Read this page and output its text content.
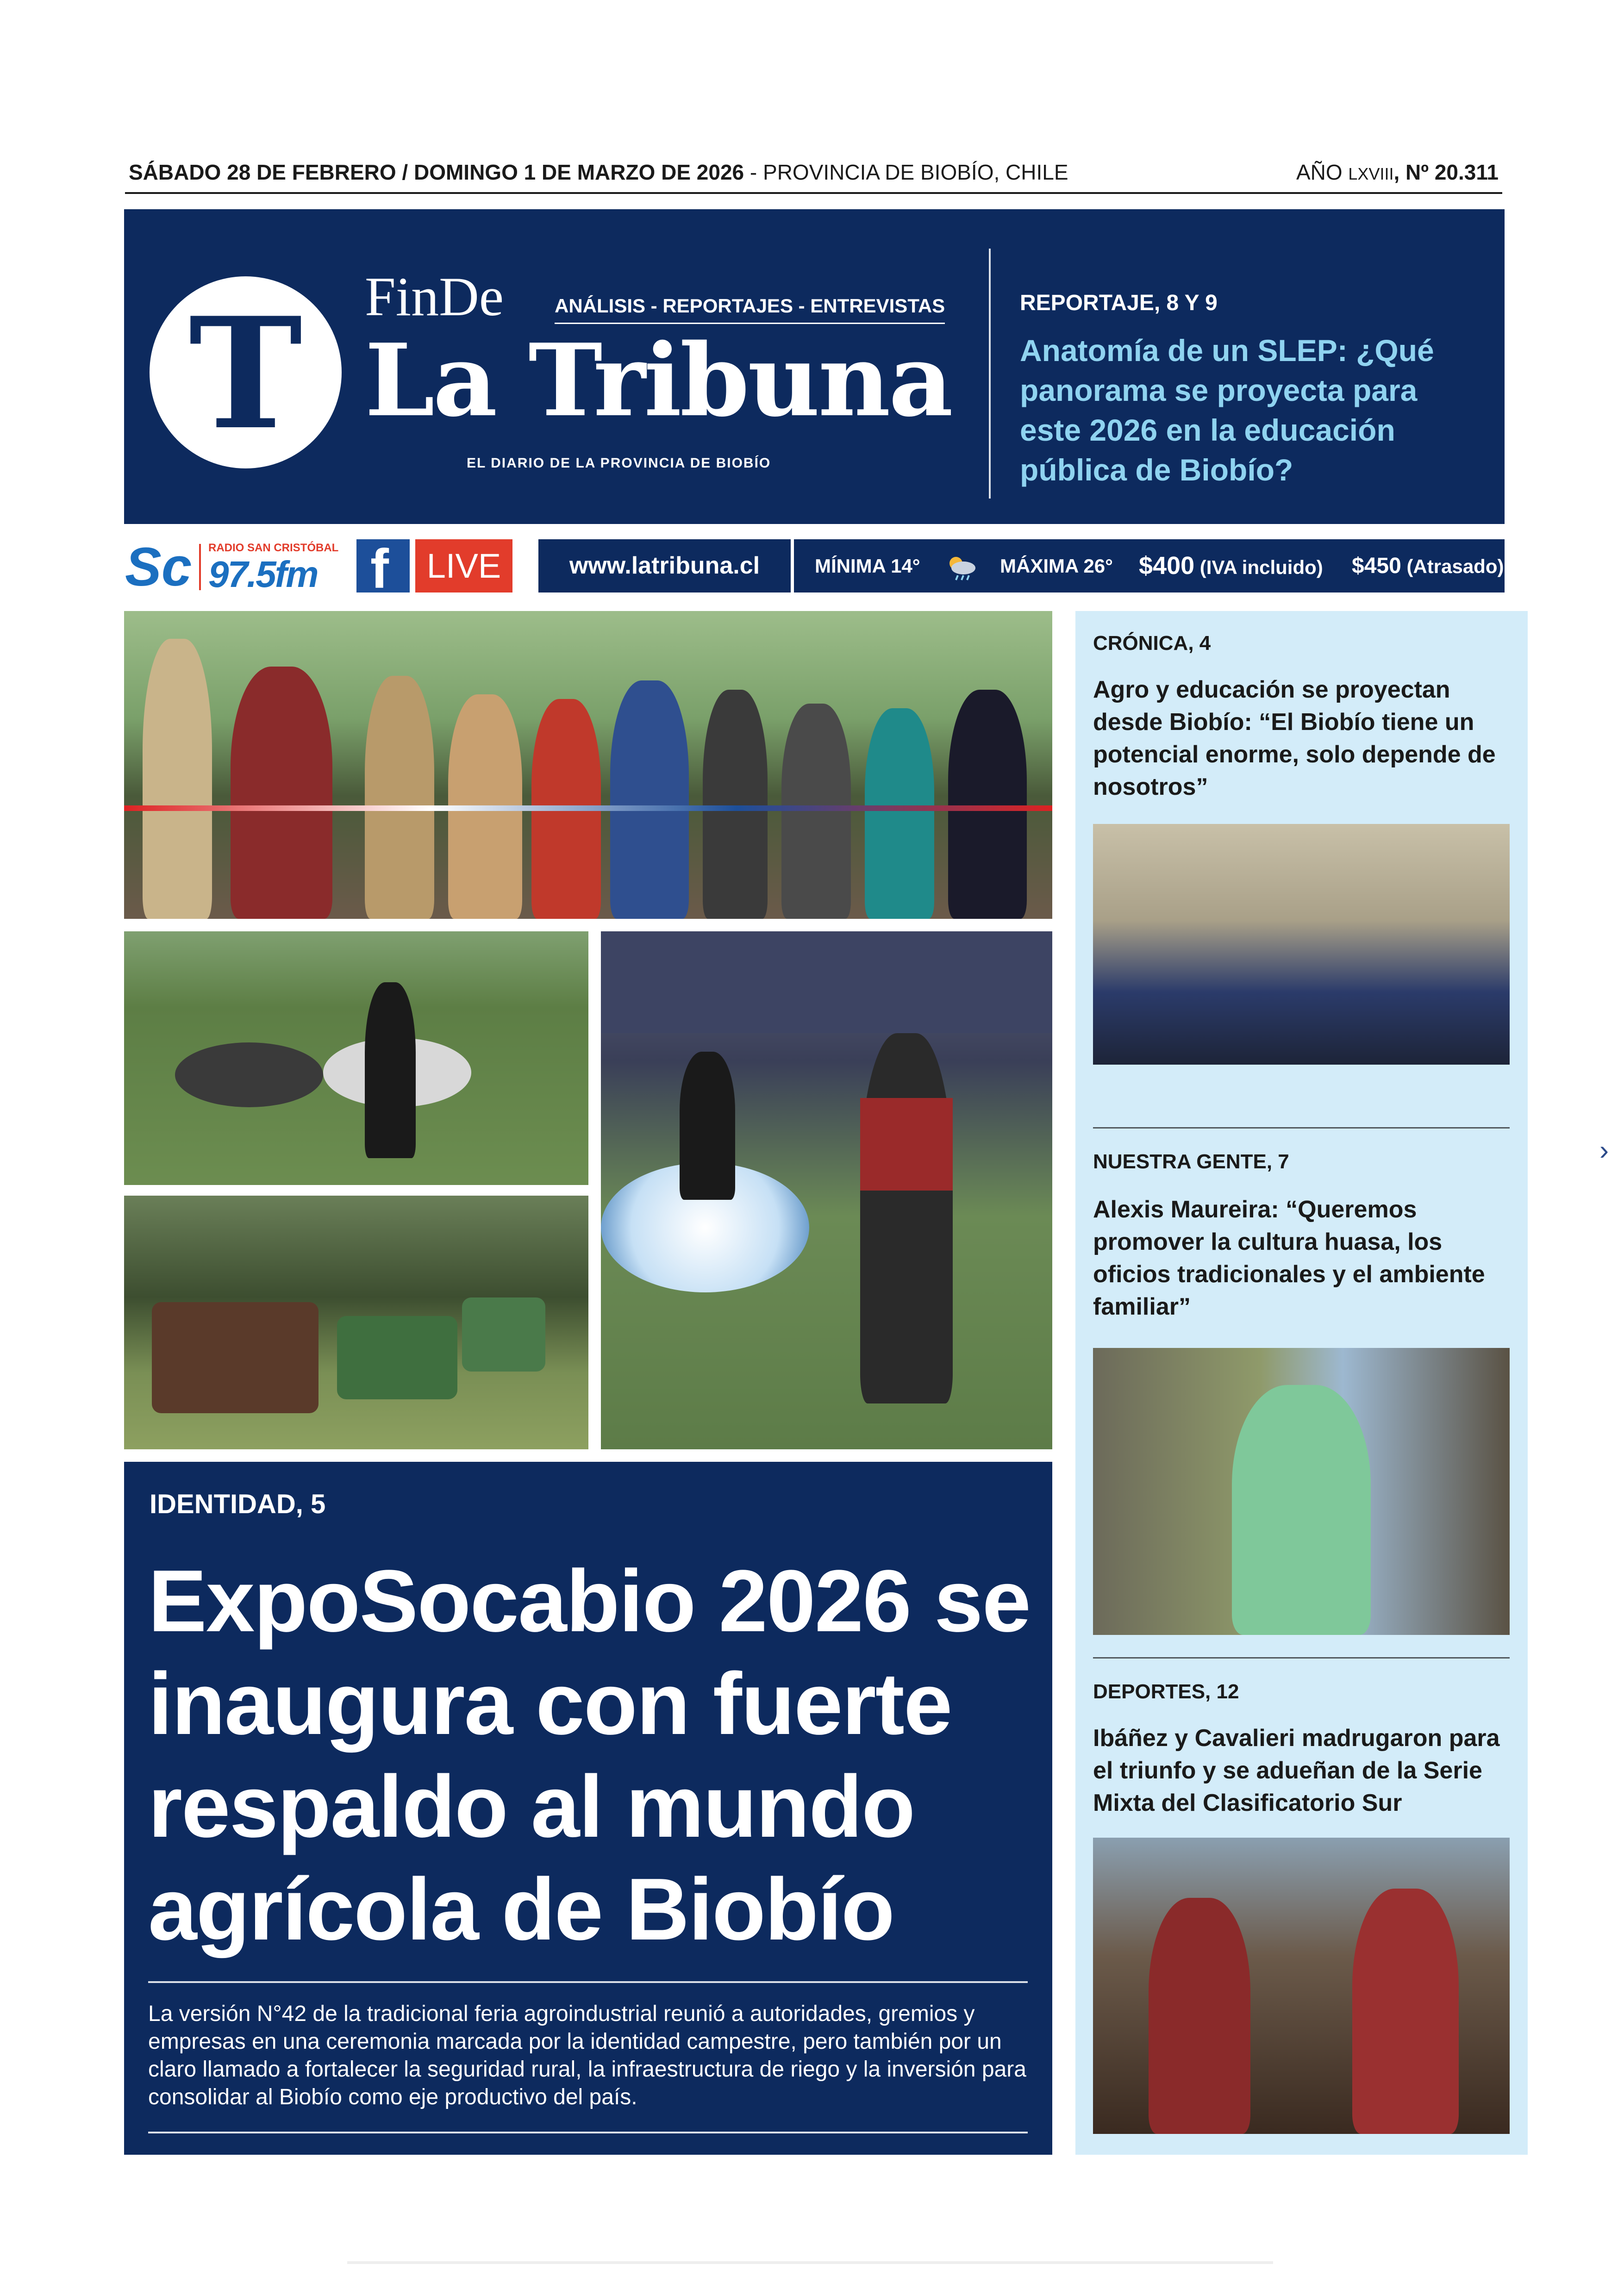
SÁBADO 28 DE FEBRERO / DOMINGO 1 DE MARZO DE 2026 - PROVINCIA DE BIOBÍO, CHILE	AÑO LXVIII, Nº 20.311
T	FinDe	ANÁLISIS - REPORTAJES - ENTREVISTAS
La Tribuna
EL DIARIO DE LA PROVINCIA DE BIOBÍO
REPORTAJE, 8 Y 9
Anatomía de un SLEP: ¿Qué panorama se proyecta para este 2026 en la educación pública de Biobío?
Sc RADIO SAN CRISTÓBAL
97.5fm f	LIVE	www.latribuna.cl	MÍNIMA 14°	MÁXIMA 26° $400 (IVA incluido) $450 (Atrasado)
IDENTIDAD, 5
ExpoSocabio 2026 se inaugura con fuerte respaldo al mundo agrícola de Biobío
La versión N°42 de la tradicional feria agroindustrial reunió a autoridades, gremios y empresas en una ceremonia marcada por la identidad campestre, pero también por un claro llamado a fortalecer la seguridad rural, la infraestructura de riego y la inversión para consolidar al Biobío como eje productivo del país.
CRÓNICA, 4
Agro y educación se proyectan desde Biobío: “El Biobío tiene un potencial enorme, solo depende de nosotros”
NUESTRA GENTE, 7
Alexis Maureira: “Queremos promover la cultura huasa, los oficios tradicionales y el ambiente familiar”
DEPORTES, 12
Ibáñez y Cavalieri madrugaron para el triunfo y se adueñan de la Serie Mixta del Clasificatorio Sur
›
